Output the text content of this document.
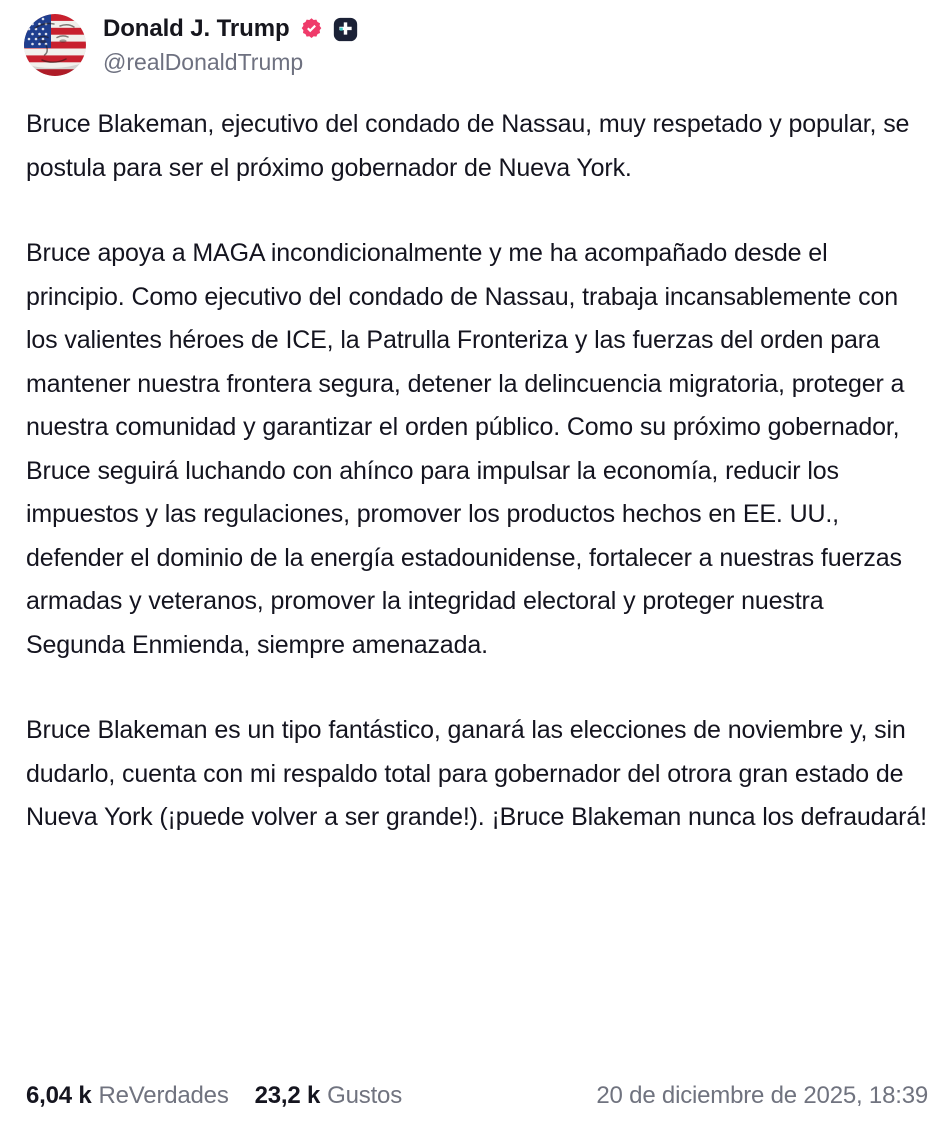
Donald J. Trump
@realDonaldTrump

Bruce Blakeman, ejecutivo del condado de Nassau, muy respetado y popular, se postula para ser el próximo gobernador de Nueva York.

Bruce apoya a MAGA incondicionalmente y me ha acompañado desde el principio. Como ejecutivo del condado de Nassau, trabaja incansablemente con los valientes héroes de ICE, la Patrulla Fronteriza y las fuerzas del orden para mantener nuestra frontera segura, detener la delincuencia migratoria, proteger a nuestra comunidad y garantizar el orden público. Como su próximo gobernador, Bruce seguirá luchando con ahínco para impulsar la economía, reducir los impuestos y las regulaciones, promover los productos hechos en EE. UU., defender el dominio de la energía estadounidense, fortalecer a nuestras fuerzas armadas y veteranos, promover la integridad electoral y proteger nuestra Segunda Enmienda, siempre amenazada.

Bruce Blakeman es un tipo fantástico, ganará las elecciones de noviembre y, sin dudarlo, cuenta con mi respaldo total para gobernador del otrora gran estado de Nueva York (¡puede volver a ser grande!). ¡Bruce Blakeman nunca los defraudará!

6,04 k ReVerdades 23,2 k Gustos	20 de diciembre de 2025, 18:39
